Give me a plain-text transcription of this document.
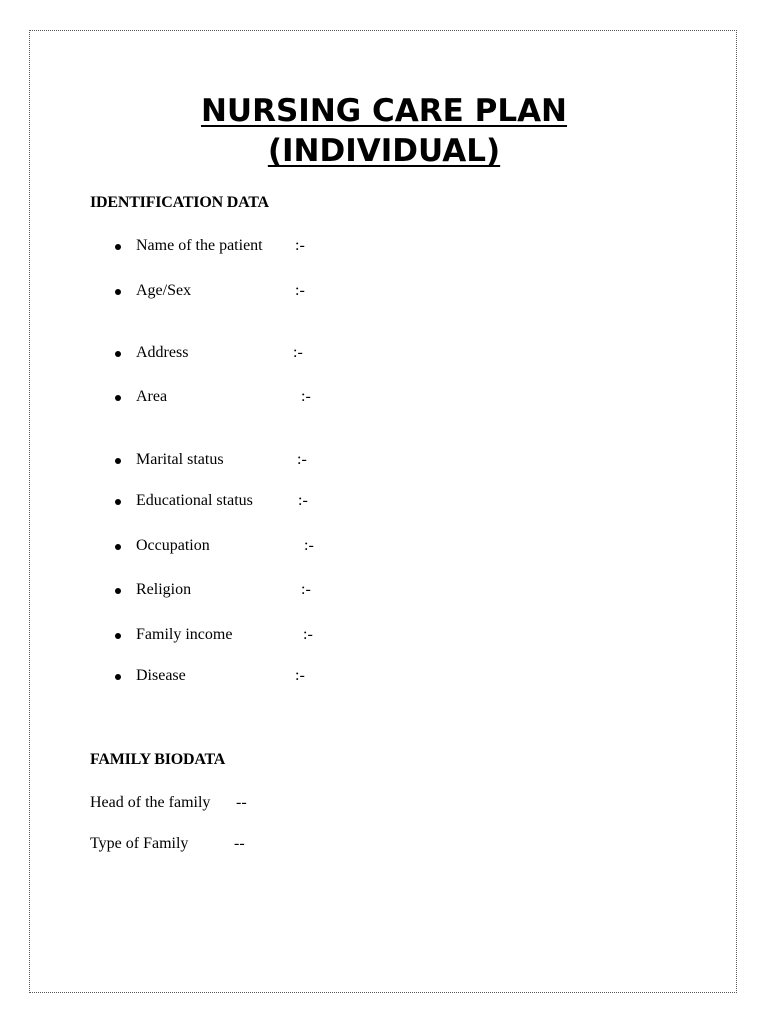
NURSING CARE PLAN
(INDIVIDUAL)
IDENTIFICATION DATA
Name of the patient :-
Age/Sex	:-
Address	:-
Area	:-
Marital status	:-
Educational status	:-
Occupation	:-
Religion	:-
Family income	:-
Disease	:-
FAMILY BIODATA
Head of the family --
Type of Family	--
